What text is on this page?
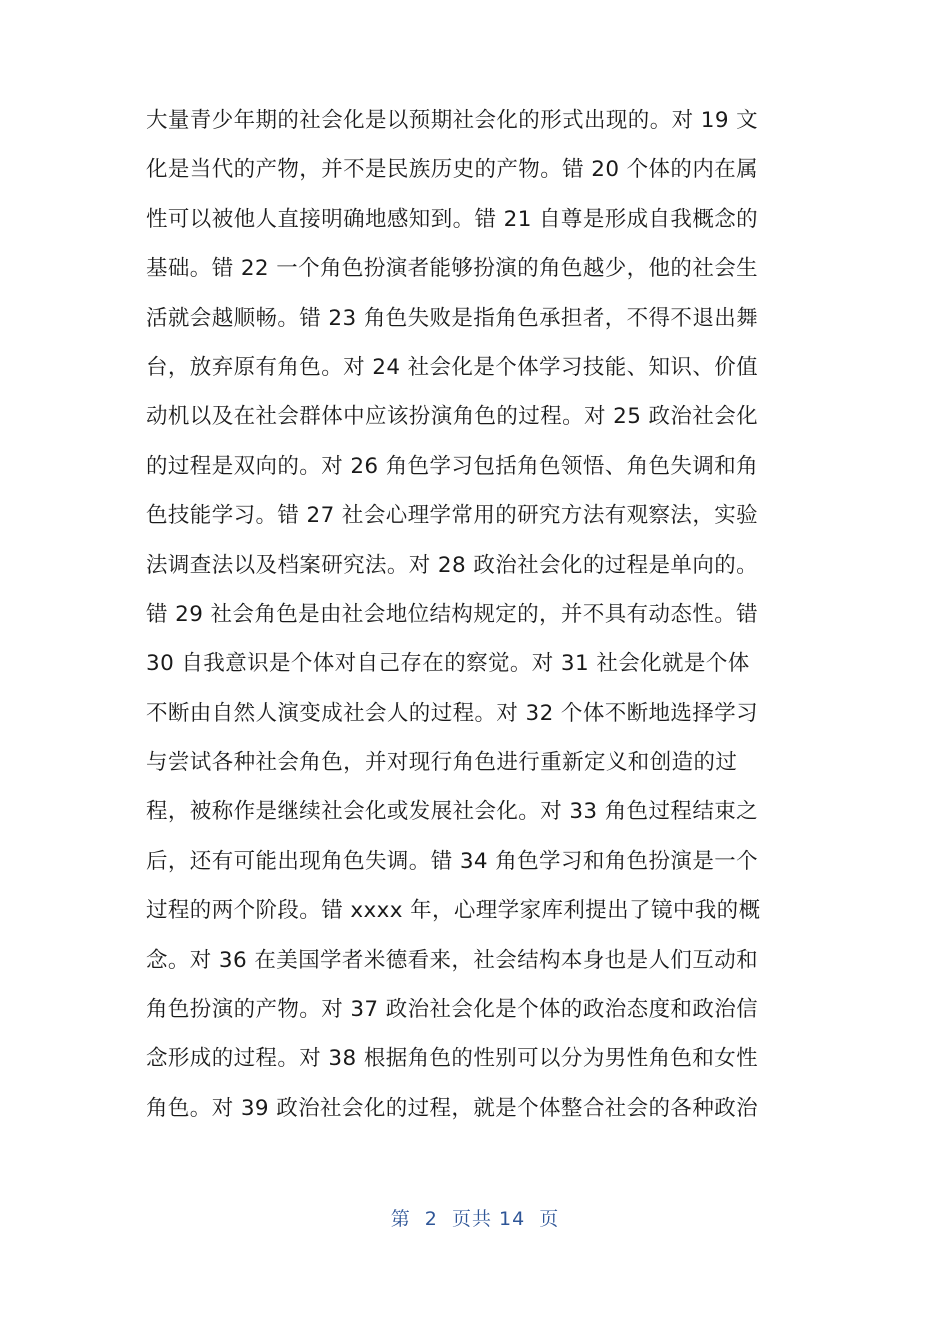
大量青少年期的社会化是以预期社会化的形式出现的。对 19 文
化是当代的产物，并不是民族历史的产物。错 20 个体的内在属
性可以被他人直接明确地感知到。错 21 自尊是形成自我概念的
基础。错 22 一个角色扮演者能够扮演的角色越少，他的社会生
活就会越顺畅。错 23 角色失败是指角色承担者，不得不退出舞
台，放弃原有角色。对 24 社会化是个体学习技能、知识、价值
动机以及在社会群体中应该扮演角色的过程。对 25 政治社会化
的过程是双向的。对 26 角色学习包括角色领悟、角色失调和角
色技能学习。错 27 社会心理学常用的研究方法有观察法，实验
法调查法以及档案研究法。对 28 政治社会化的过程是单向的。
错 29 社会角色是由社会地位结构规定的，并不具有动态性。错
30 自我意识是个体对自己存在的察觉。对 31 社会化就是个体
不断由自然人演变成社会人的过程。对 32 个体不断地选择学习
与尝试各种社会角色，并对现行角色进行重新定义和创造的过
程，被称作是继续社会化或发展社会化。对 33 角色过程结束之
后，还有可能出现角色失调。错 34 角色学习和角色扮演是一个
过程的两个阶段。错 xxxx 年，心理学家库利提出了镜中我的概
念。对 36 在美国学者米德看来，社会结构本身也是人们互动和
角色扮演的产物。对 37 政治社会化是个体的政治态度和政治信
念形成的过程。对 38 根据角色的性别可以分为男性角色和女性
角色。对 39 政治社会化的过程，就是个体整合社会的各种政治
第  2  页共 14  页
